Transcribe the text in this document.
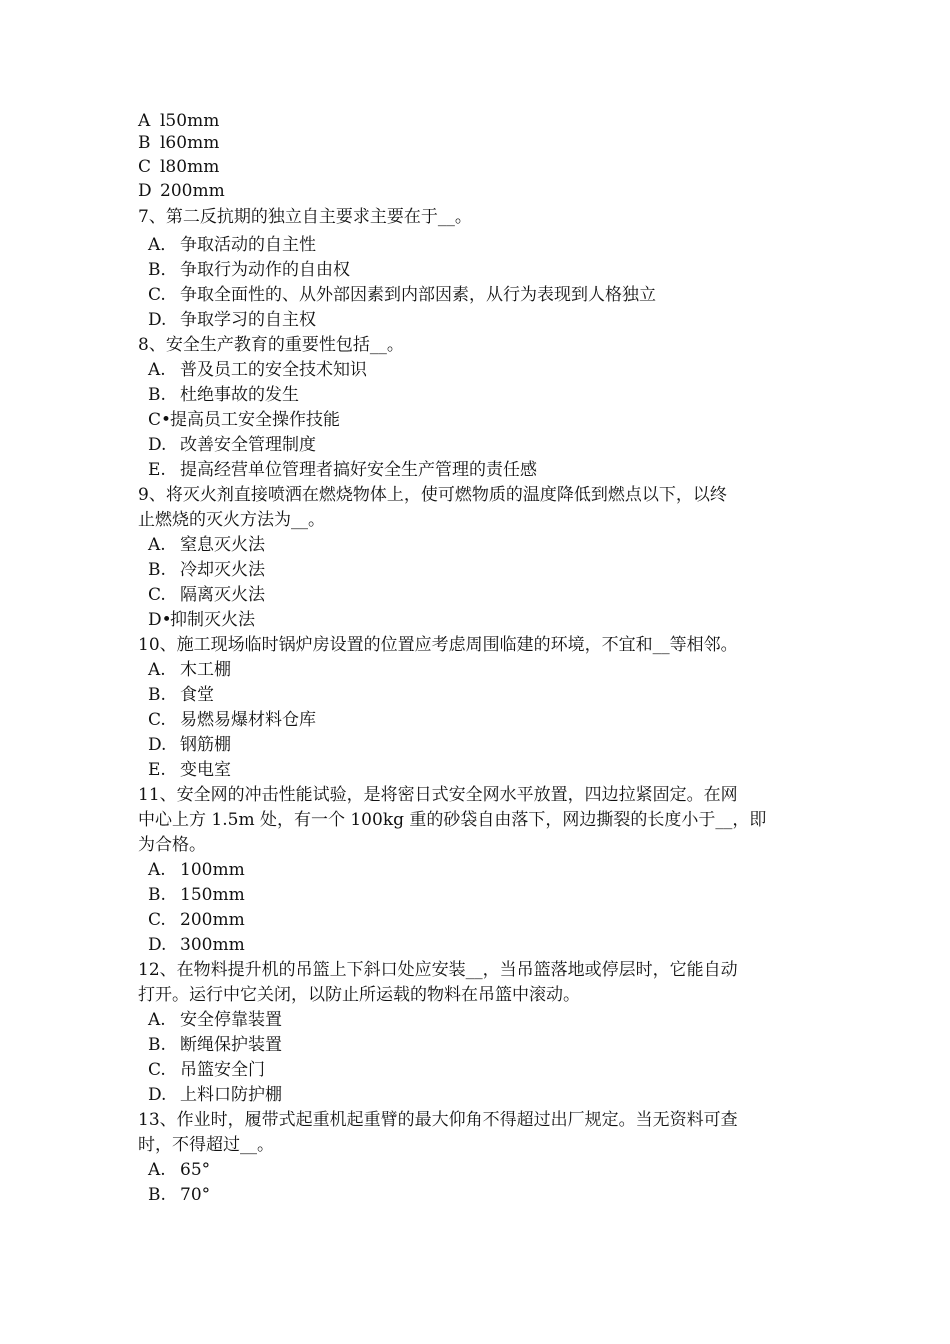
A l50mm
B l60mm
C l80mm
D 200mm
7、第二反抗期的独立自主要求主要在于__。
A． 争取活动的自主性
B． 争取行为动作的自由权
C. 争取全面性的、从外部因素到内部因素，从行为表现到人格独立
D. 争取学习的自主权
8、安全生产教育的重要性包括__。
A. 普及员工的安全技术知识
B. 杜绝事故的发生
C•提高员工安全操作技能
D. 改善安全管理制度
E. 提高经营单位管理者搞好安全生产管理的责任感
9、将灭火剂直接喷洒在燃烧物体上，使可燃物质的温度降低到燃点以下，以终
止燃烧的灭火方法为__。
A. 窒息灭火法
B. 冷却灭火法
C. 隔离灭火法
D•抑制灭火法
10、施工现场临时锅炉房设置的位置应考虑周围临建的环境，不宜和__等相邻。
A. 木工棚
B. 食堂
C. 易燃易爆材料仓库
D. 钢筋棚
E. 变电室
11、安全网的冲击性能试验，是将密日式安全网水平放置，四边拉紧固定。在网
中心上方 1.5m 处，有一个 100kg 重的砂袋自由落下，网边撕裂的长度小于__，即
为合格。
A. 100mm
B. 150mm
C. 200mm
D. 300mm
12、在物料提升机的吊篮上下斜口处应安装__，当吊篮落地或停层时，它能自动
打开。运行中它关闭，以防止所运载的物料在吊篮中滚动。
A. 安全停靠装置
B. 断绳保护装置
C. 吊篮安全门
D. 上料口防护棚
13、作业时，履带式起重机起重臂的最大仰角不得超过出厂规定。当无资料可查
时，不得超过__。
A. 65°
B. 70°
